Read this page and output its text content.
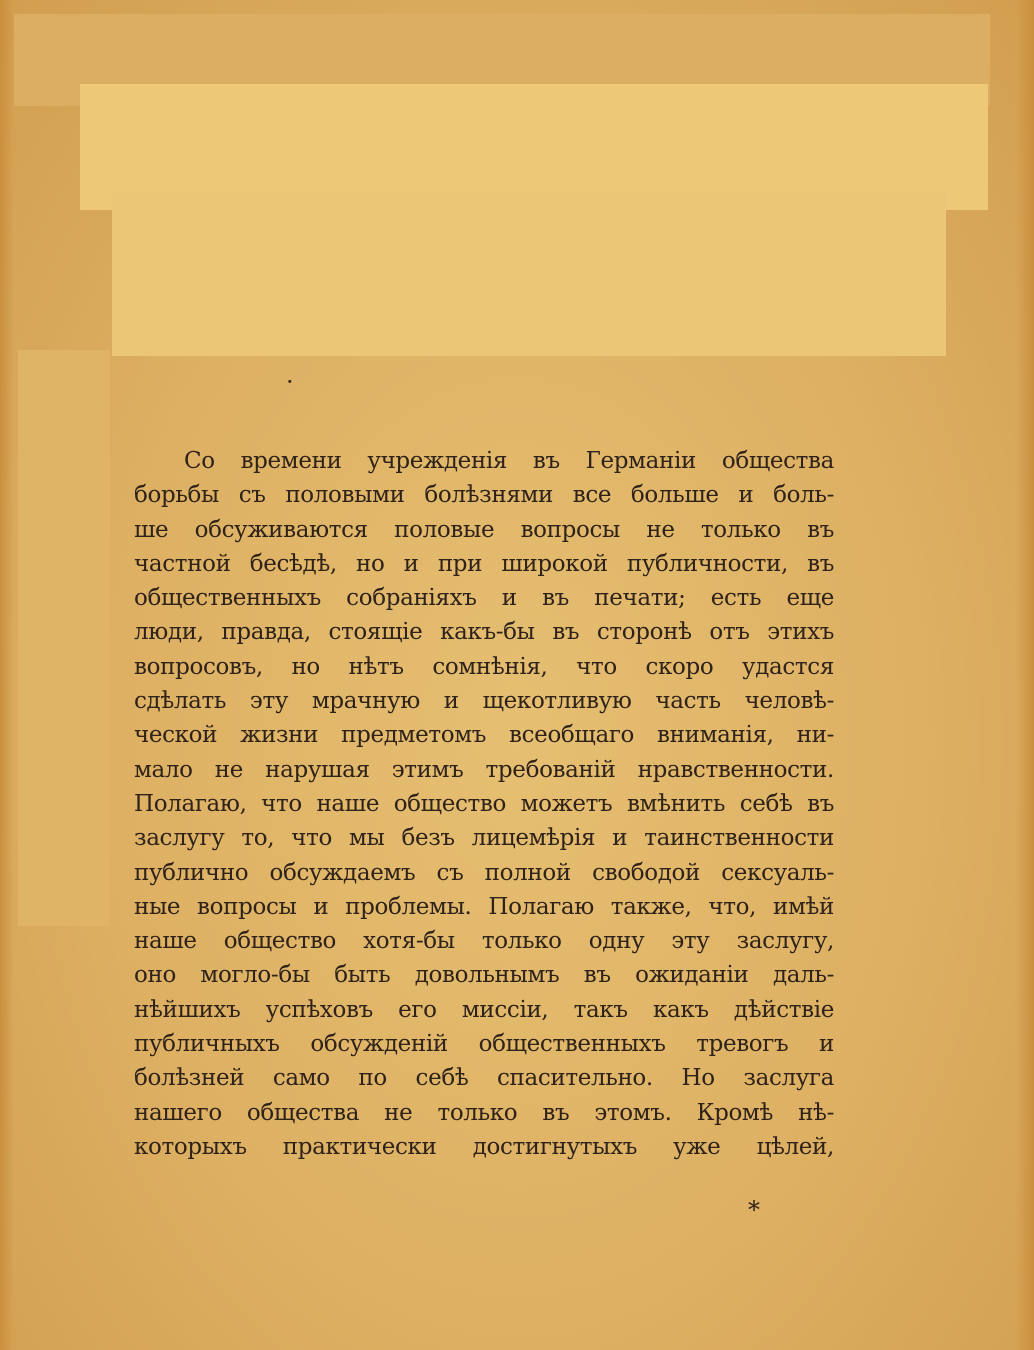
·
Со времени учрежденія въ Германіи общества
борьбы съ половыми болѣзнями все больше и боль-
ше обсуживаются половые вопросы не только въ
частной бесѣдѣ, но и при широкой публичности, въ
общественныхъ собраніяхъ и въ печати; есть еще
люди, правда, стоящіе какъ-бы въ сторонѣ отъ этихъ
вопросовъ, но нѣтъ сомнѣнія, что скоро удастся
сдѣлать эту мрачную и щекотливую часть человѣ-
ческой жизни предметомъ всеобщаго вниманія, ни-
мало не нарушая этимъ требованій нравственности.
Полагаю, что наше общество можетъ вмѣнить себѣ въ
заслугу то, что мы безъ лицемѣрія и таинственности
публично обсуждаемъ съ полной свободой сексуаль-
ные вопросы и проблемы. Полагаю также, что, имѣй
наше общество хотя-бы только одну эту заслугу,
оно могло-бы быть довольнымъ въ ожиданіи даль-
нѣйшихъ успѣховъ его миссіи, такъ какъ дѣйствіе
публичныхъ обсужденій общественныхъ тревогъ и
болѣзней само по себѣ спасительно. Но заслуга
нашего общества не только въ этомъ. Кромѣ нѣ-
которыхъ практически достигнутыхъ уже цѣлей,
*
